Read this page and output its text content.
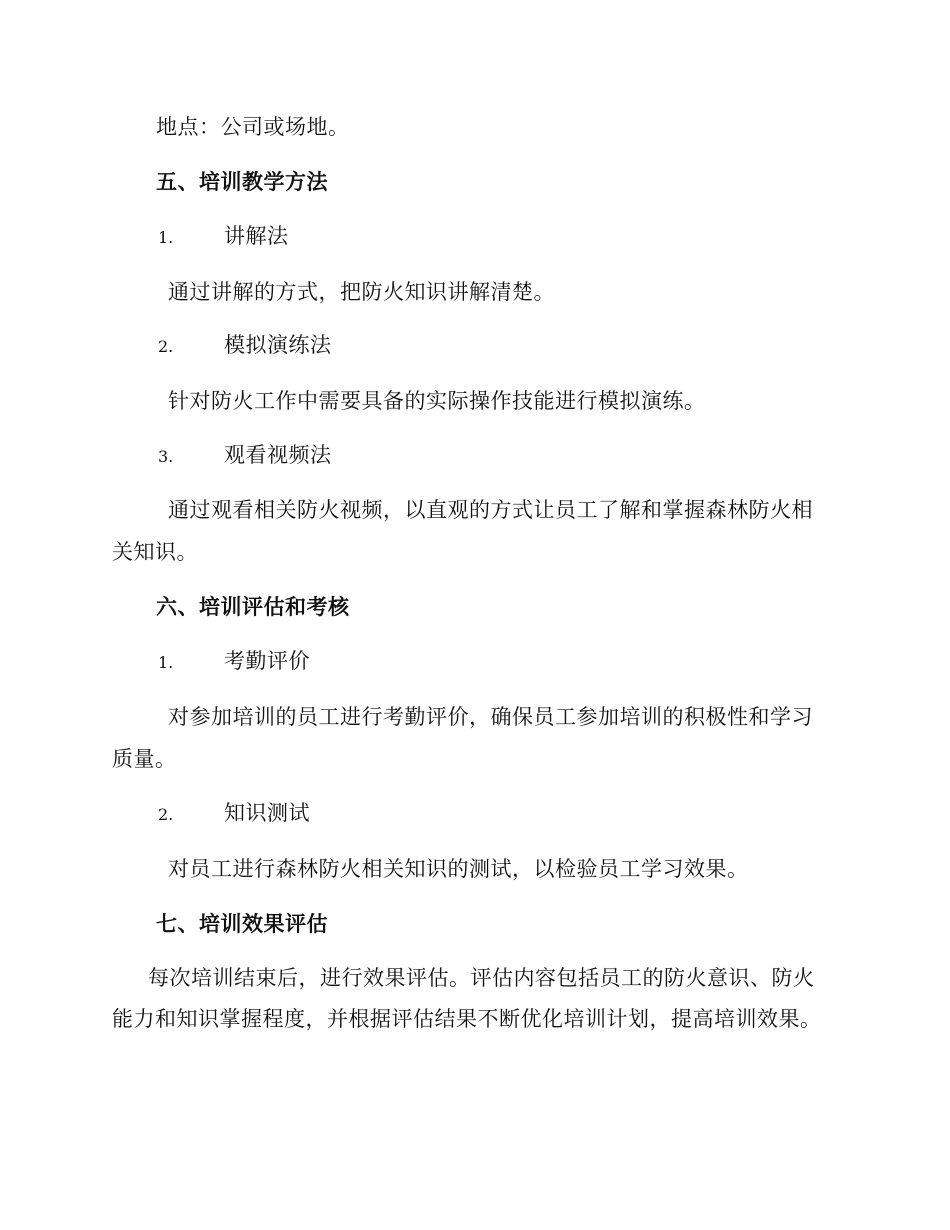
地点：公司或场地。
五、培训教学方法
1. 讲解法
通过讲解的方式，把防火知识讲解清楚。
2. 模拟演练法
针对防火工作中需要具备的实际操作技能进行模拟演练。
3. 观看视频法
通过观看相关防火视频，以直观的方式让员工了解和掌握森林防火相
关知识。
六、培训评估和考核
1. 考勤评价
对参加培训的员工进行考勤评价，确保员工参加培训的积极性和学习
质量。
2. 知识测试
对员工进行森林防火相关知识的测试，以检验员工学习效果。
七、培训效果评估
每次培训结束后，进行效果评估。评估内容包括员工的防火意识、防火
能力和知识掌握程度，并根据评估结果不断优化培训计划，提高培训效果。
